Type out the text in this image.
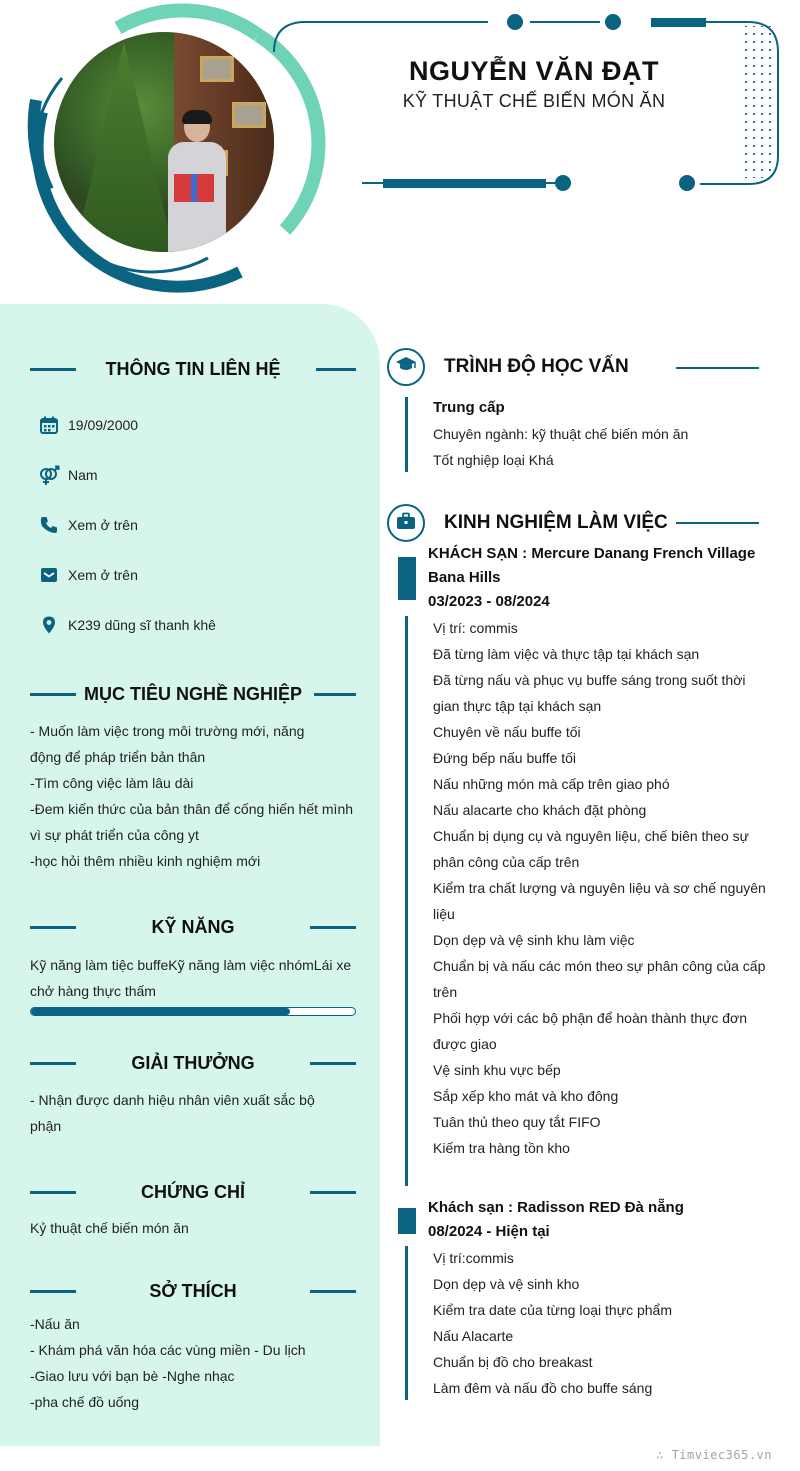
NGUYỄN VĂN ĐẠT
KỸ THUẬT CHẾ BIẾN MÓN ĂN
THÔNG TIN LIÊN HỆ
19/09/2000
Nam
Xem ở trên
Xem ở trên
K239 dũng sĩ thanh khê
MỤC TIÊU NGHỀ NGHIỆP
- Muốn làm việc trong môi trường mới, năng
động để pháp triển bản thân
-Tìm công việc làm lâu dài
-Đem kiến thức của bản thân để cống hiến hết mình
vì sự phát triển của công yt
-học hỏi thêm nhiều kinh nghiệm mới
KỸ NĂNG
Kỹ năng làm tiệc buffeKỹ năng làm việc nhómLái xe
chở hàng thực thấm
GIẢI THƯỞNG
- Nhận được danh hiệu nhân viên xuất sắc bộ
phận
CHỨNG CHỈ
Kỷ thuật chế biến món ăn
SỞ THÍCH
-Nấu ăn
- Khám phá văn hóa các vùng miền - Du lịch
-Giao lưu với bạn bè -Nghe nhạc
-pha chế đồ uống
TRÌNH ĐỘ HỌC VẤN
Trung cấp
Chuyên ngành: kỹ thuật chế biến món ăn
Tốt nghiệp loại Khá
KINH NGHIỆM LÀM VIỆC
KHÁCH SẠN : Mercure Danang French Village
Bana Hills
03/2023 - 08/2024
Vị trí: commis
Đã từng làm việc và thực tập tại khách sạn
Đã từng nấu và phục vụ buffe sáng trong suốt thời
gian thực tập tại khách sạn
Chuyên về nấu buffe tối
Đứng bếp nấu buffe tối
Nấu những món mà cấp trên giao phó
Nấu alacarte cho khách đặt phòng
Chuẩn bị dụng cụ và nguyên liệu, chế biên theo sự
phân công của cấp trên
Kiểm tra chất lượng và nguyên liệu và sơ chế nguyên
liệu
Dọn dẹp và vệ sinh khu làm việc
Chuẩn bị và nấu các món theo sự phân công của cấp
trên
Phối hợp với các bộ phận để hoàn thành thực đơn
được giao
Vệ sinh khu vực bếp
Sắp xếp kho mát và kho đông
Tuân thủ theo quy tắt FIFO
Kiếm tra hàng tồn kho
Khách sạn : Radisson RED Đà nẵng
08/2024 - Hiện tại
Vị trí:commis
Dọn dẹp và vệ sinh kho
Kiểm tra date của từng loại thực phẩm
Nấu Alacarte
Chuẩn bị đồ cho breakast
Làm đêm và nấu đồ cho buffe sáng
∴ Timviec365.vn
